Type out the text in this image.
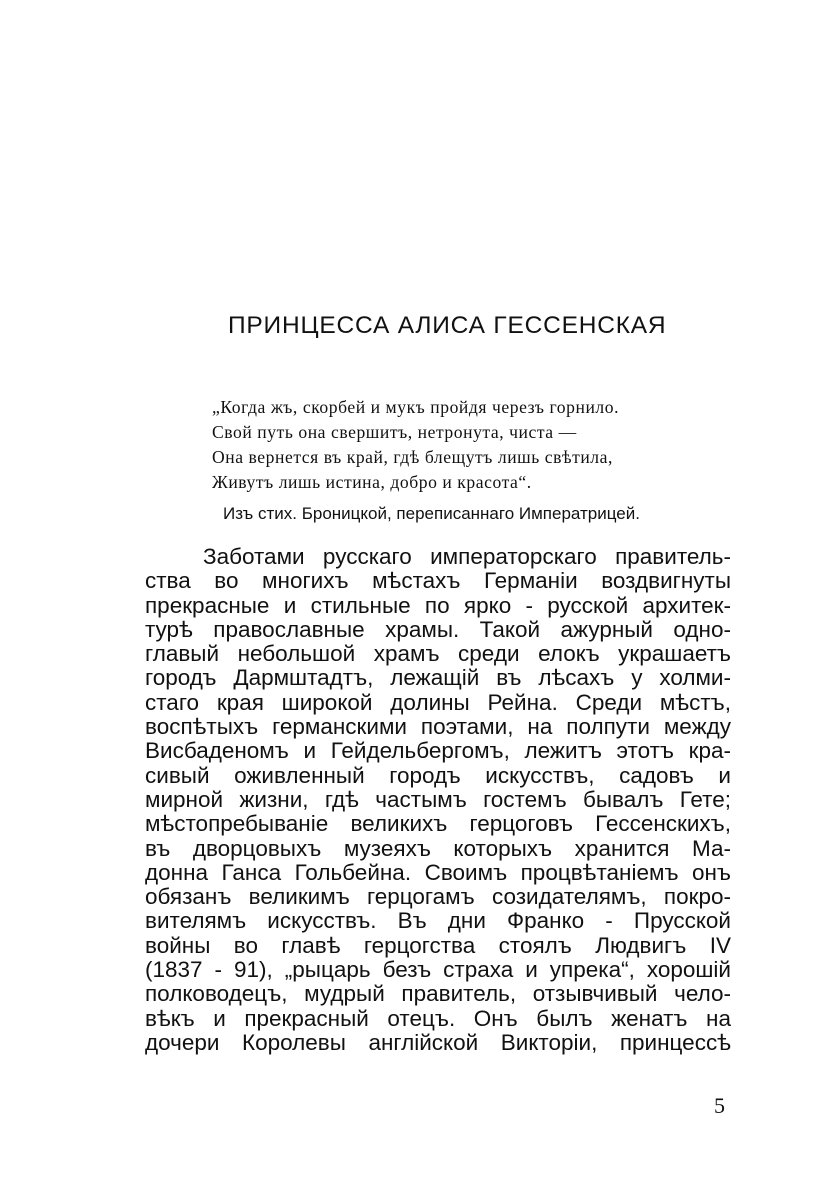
ПРИНЦЕССА АЛИСА ГЕССЕНСКАЯ
„Когда жъ, скорбей и мукъ пройдя черезъ горнило.
Свой путь она свершитъ, нетронута, чиста —
Она вернется въ край, гдѣ блещутъ лишь свѣтила,
Живутъ лишь истина, добро и красота“.
Изъ стих. Броницкой, переписаннаго Императрицей.
Заботами русскаго императорскаго правитель-
ства во многихъ мѣстахъ Германіи воздвигнуты
прекрасные и стильные по ярко - русской архитек-
турѣ православные храмы. Такой ажурный одно-
главый небольшой храмъ среди елокъ украшаетъ
городъ Дармштадтъ, лежащій въ лѣсахъ у холми-
стаго края широкой долины Рейна. Среди мѣстъ,
воспѣтыхъ германскими поэтами, на полпути между
Висбаденомъ и Гейдельбергомъ, лежитъ этотъ кра-
сивый оживленный городъ искусствъ, садовъ и
мирной жизни, гдѣ частымъ гостемъ бывалъ Гете;
мѣстопребываніе великихъ герцоговъ Гессенскихъ,
въ дворцовыхъ музеяхъ которыхъ хранится Ма-
донна Ганса Гольбейна. Своимъ процвѣтаніемъ онъ
обязанъ великимъ герцогамъ созидателямъ, покро-
вителямъ искусствъ. Въ дни Франко - Прусской
войны во главѣ герцогства стоялъ Людвигъ IV
(1837 - 91), „рыцарь безъ страха и упрека“, хорошій
полководецъ, мудрый правитель, отзывчивый чело-
вѣкъ и прекрасный отецъ. Онъ былъ женатъ на
дочери Королевы англійской Викторіи, принцессѣ
5
